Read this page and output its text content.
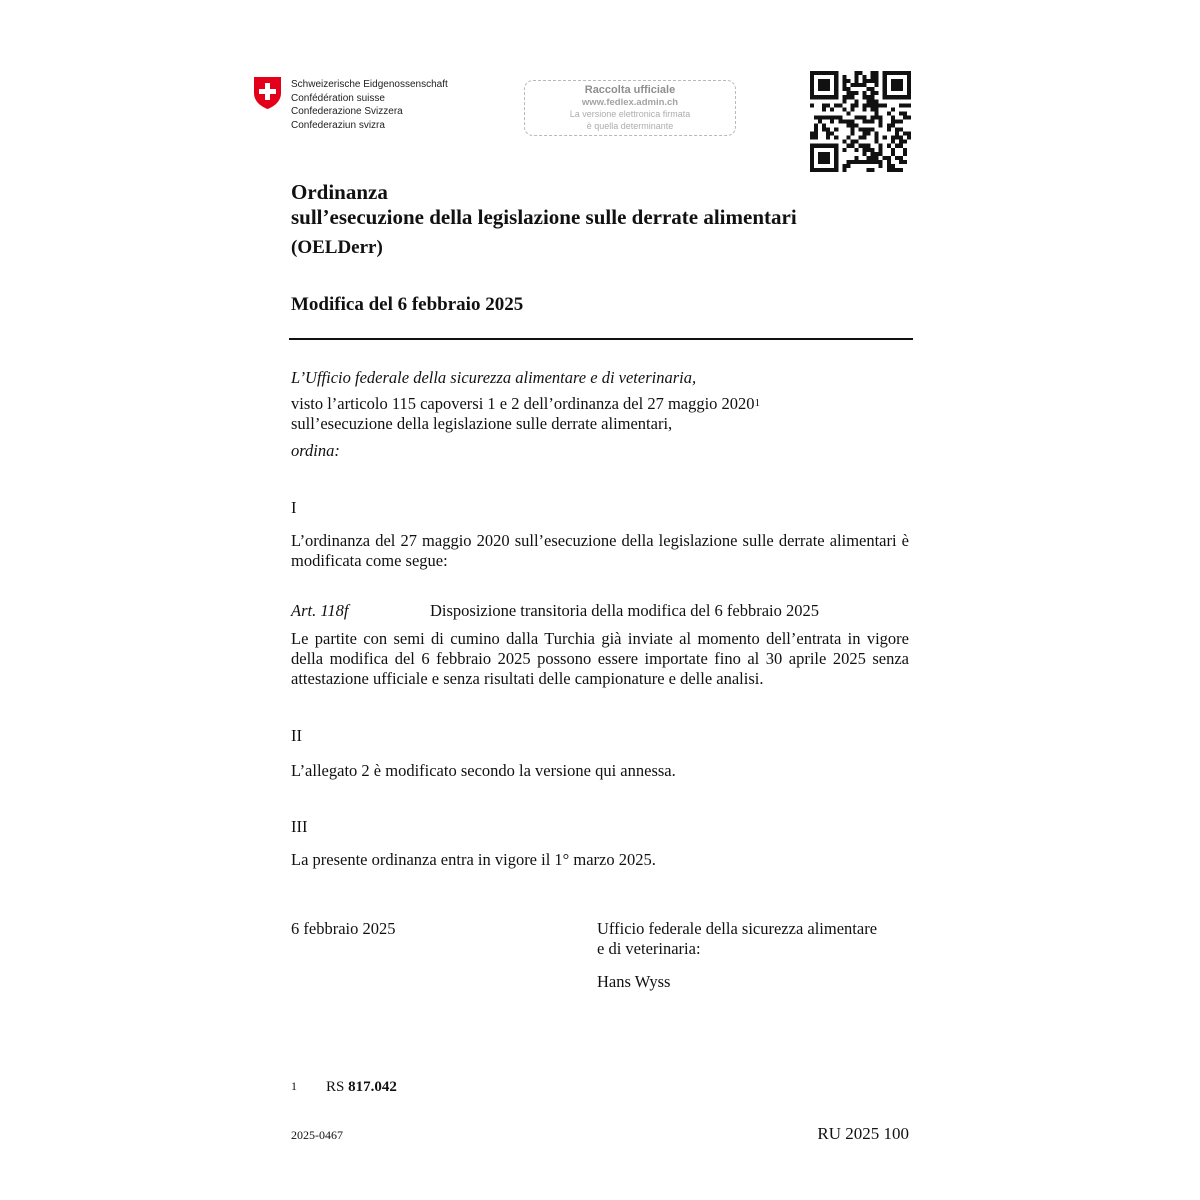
Schweizerische Eidgenossenschaft
Confédération suisse
Confederazione Svizzera
Confederaziun svizra
Raccolta ufficiale
www.fedlex.admin.ch
La versione elettronica firmata
è quella determinante
Ordinanza
sull’esecuzione della legislazione sulle derrate alimentari
(OELDerr)
Modifica del 6 febbraio 2025
L’Ufficio federale della sicurezza alimentare e di veterinaria,
visto l’articolo 115 capoversi 1 e 2 dell’ordinanza del 27 maggio 2020$^1$
sull’esecuzione della legislazione sulle derrate alimentari,
ordina:
I
L’ordinanza del 27 maggio 2020 sull’esecuzione della legislazione sulle derrate alimentari è modificata come segue:
Art. 118f	Disposizione transitoria della modifica del 6 febbraio 2025
Le partite con semi di cumino dalla Turchia già inviate al momento dell’entrata in vigore della modifica del 6 febbraio 2025 possono essere importate fino al 30 aprile 2025 senza attestazione ufficiale e senza risultati delle campionature e delle analisi.
II
L’allegato 2 è modificato secondo la versione qui annessa.
III
La presente ordinanza entra in vigore il 1° marzo 2025.
6 febbraio 2025	Ufficio federale della sicurezza alimentare
e di veterinaria:
Hans Wyss
1 RS 817.042
2025-0467	RU 2025 100
